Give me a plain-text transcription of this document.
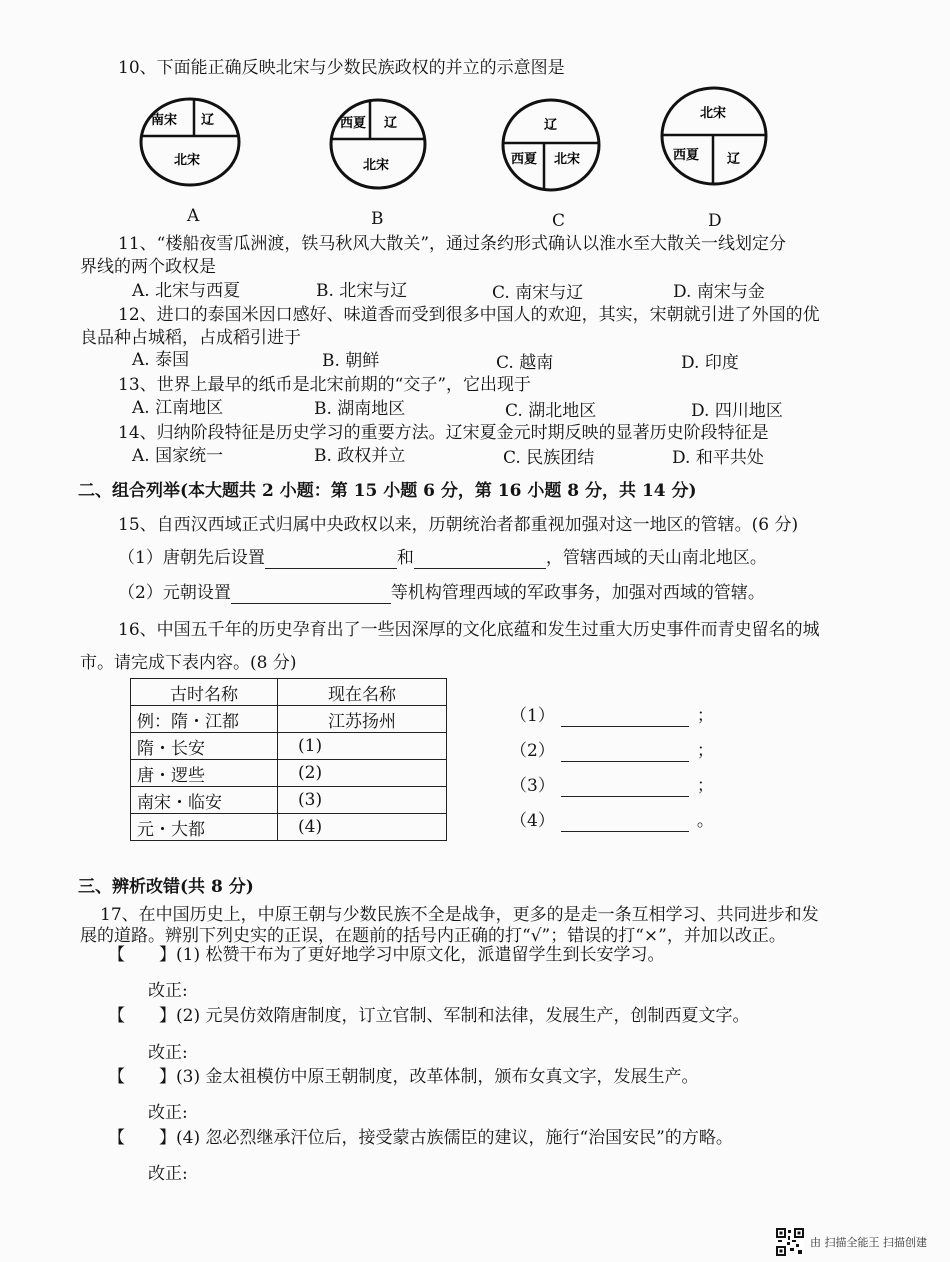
10、下面能正确反映北宋与少数民族政权的并立的示意图是
南宋 辽
北宋
A
西夏 辽
北宋
B
辽
西夏 北宋
C
北宋
西夏 辽
D
11、“楼船夜雪瓜洲渡，铁马秋风大散关”，通过条约形式确认以淮水至大散关一线划定分
界线的两个政权是
A. 北宋与西夏	B. 北宋与辽	C. 南宋与辽	D. 南宋与金
12、进口的泰国米因口感好、味道香而受到很多中国人的欢迎，其实，宋朝就引进了外国的优
良品种占城稻，占成稻引进于
A. 泰国	B. 朝鲜	C. 越南	D. 印度
13、世界上最早的纸币是北宋前期的“交子”，它出现于
A. 江南地区	B. 湖南地区	C. 湖北地区	D. 四川地区
14、归纳阶段特征是历史学习的重要方法。辽宋夏金元时期反映的显著历史阶段特征是
A. 国家统一	B. 政权并立	C. 民族团结	D. 和平共处
二、组合列举(本大题共 2 小题：第 15 小题 6 分，第 16 小题 8 分，共 14 分)
15、自西汉西域正式归属中央政权以来，历朝统治者都重视加强对这一地区的管辖。(6 分)
（1）唐朝先后设置	和	，管辖西域的天山南北地区。
（2）元朝设置	等机构管理西域的军政事务，加强对西域的管辖。
16、中国五千年的历史孕育出了一些因深厚的文化底蕴和发生过重大历史事件而青史留名的城
市。请完成下表内容。(8 分)
古时名称	现在名称
例：隋・江都	江苏扬州
隋・长安	(1)
唐・逻些	(2)
南宋・临安	(3)
元・大都	(4)
（1）	；
（2）	；
（3）	；
（4）	。
三、辨析改错(共 8 分)
17、在中国历史上，中原王朝与少数民族不全是战争，更多的是走一条互相学习、共同进步和发
展的道路。辨别下列史实的正误，在题前的括号内正确的打“√”；错误的打“×”，并加以改正。
【　　】(1) 松赞干布为了更好地学习中原文化，派遣留学生到长安学习。
改正:
【　　】(2) 元昊仿效隋唐制度，订立官制、军制和法律，发展生产，创制西夏文字。
改正:
【　　】(3) 金太祖模仿中原王朝制度，改革体制，颁布女真文字，发展生产。
改正:
【　　】(4) 忽必烈继承汗位后，接受蒙古族儒臣的建议，施行“治国安民”的方略。
改正:
由 扫描全能王 扫描创建
